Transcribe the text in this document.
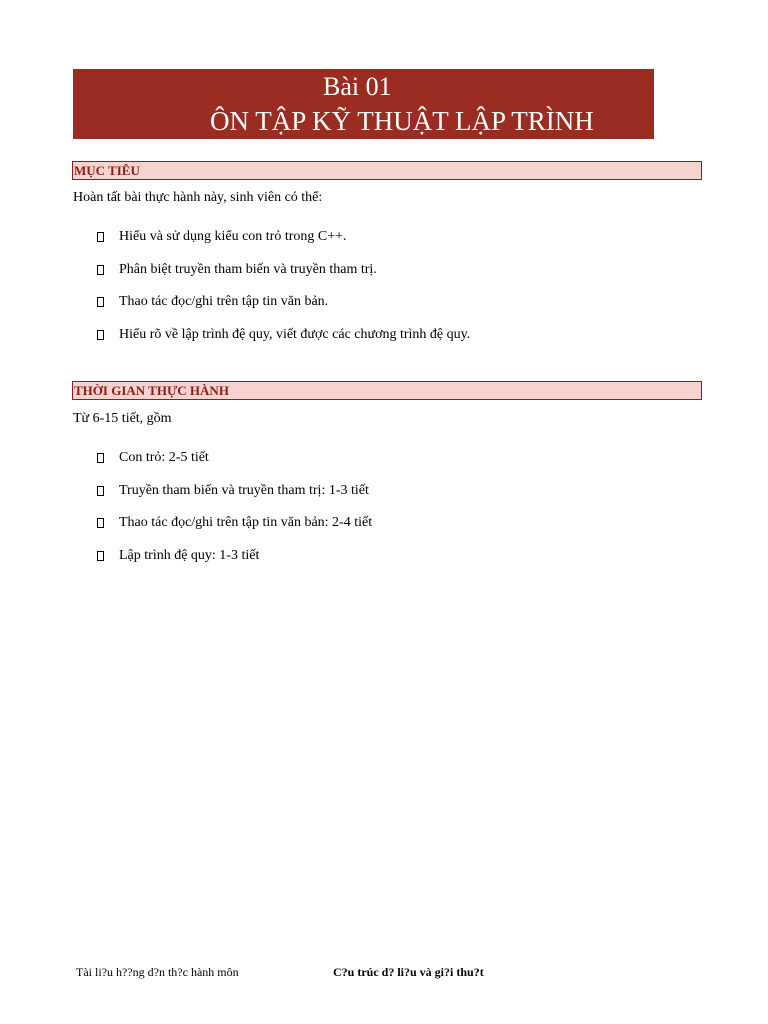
Bài 01
ÔN TẬP KỸ THUẬT LẬP TRÌNH
MỤC TIÊU
Hoàn tất bài thực hành này, sinh viên có thể:
Hiểu và sử dụng kiểu con trỏ trong C++.
Phân biệt truyền tham biến và truyền tham trị.
Thao tác đọc/ghi trên tập tin văn bản.
Hiểu rõ về lập trình đệ quy, viết được các chương trình đệ quy.
THỜI GIAN THỰC HÀNH
Từ 6-15 tiết, gồm
Con trỏ: 2-5 tiết
Truyền tham biến và truyền tham trị: 1-3 tiết
Thao tác đọc/ghi trên tập tin văn bản: 2-4 tiết
Lập trình đệ quy: 1-3 tiết
Tài li?u h??ng d?n th?c hành môn	C?u trúc d? li?u và gi?i thu?t
